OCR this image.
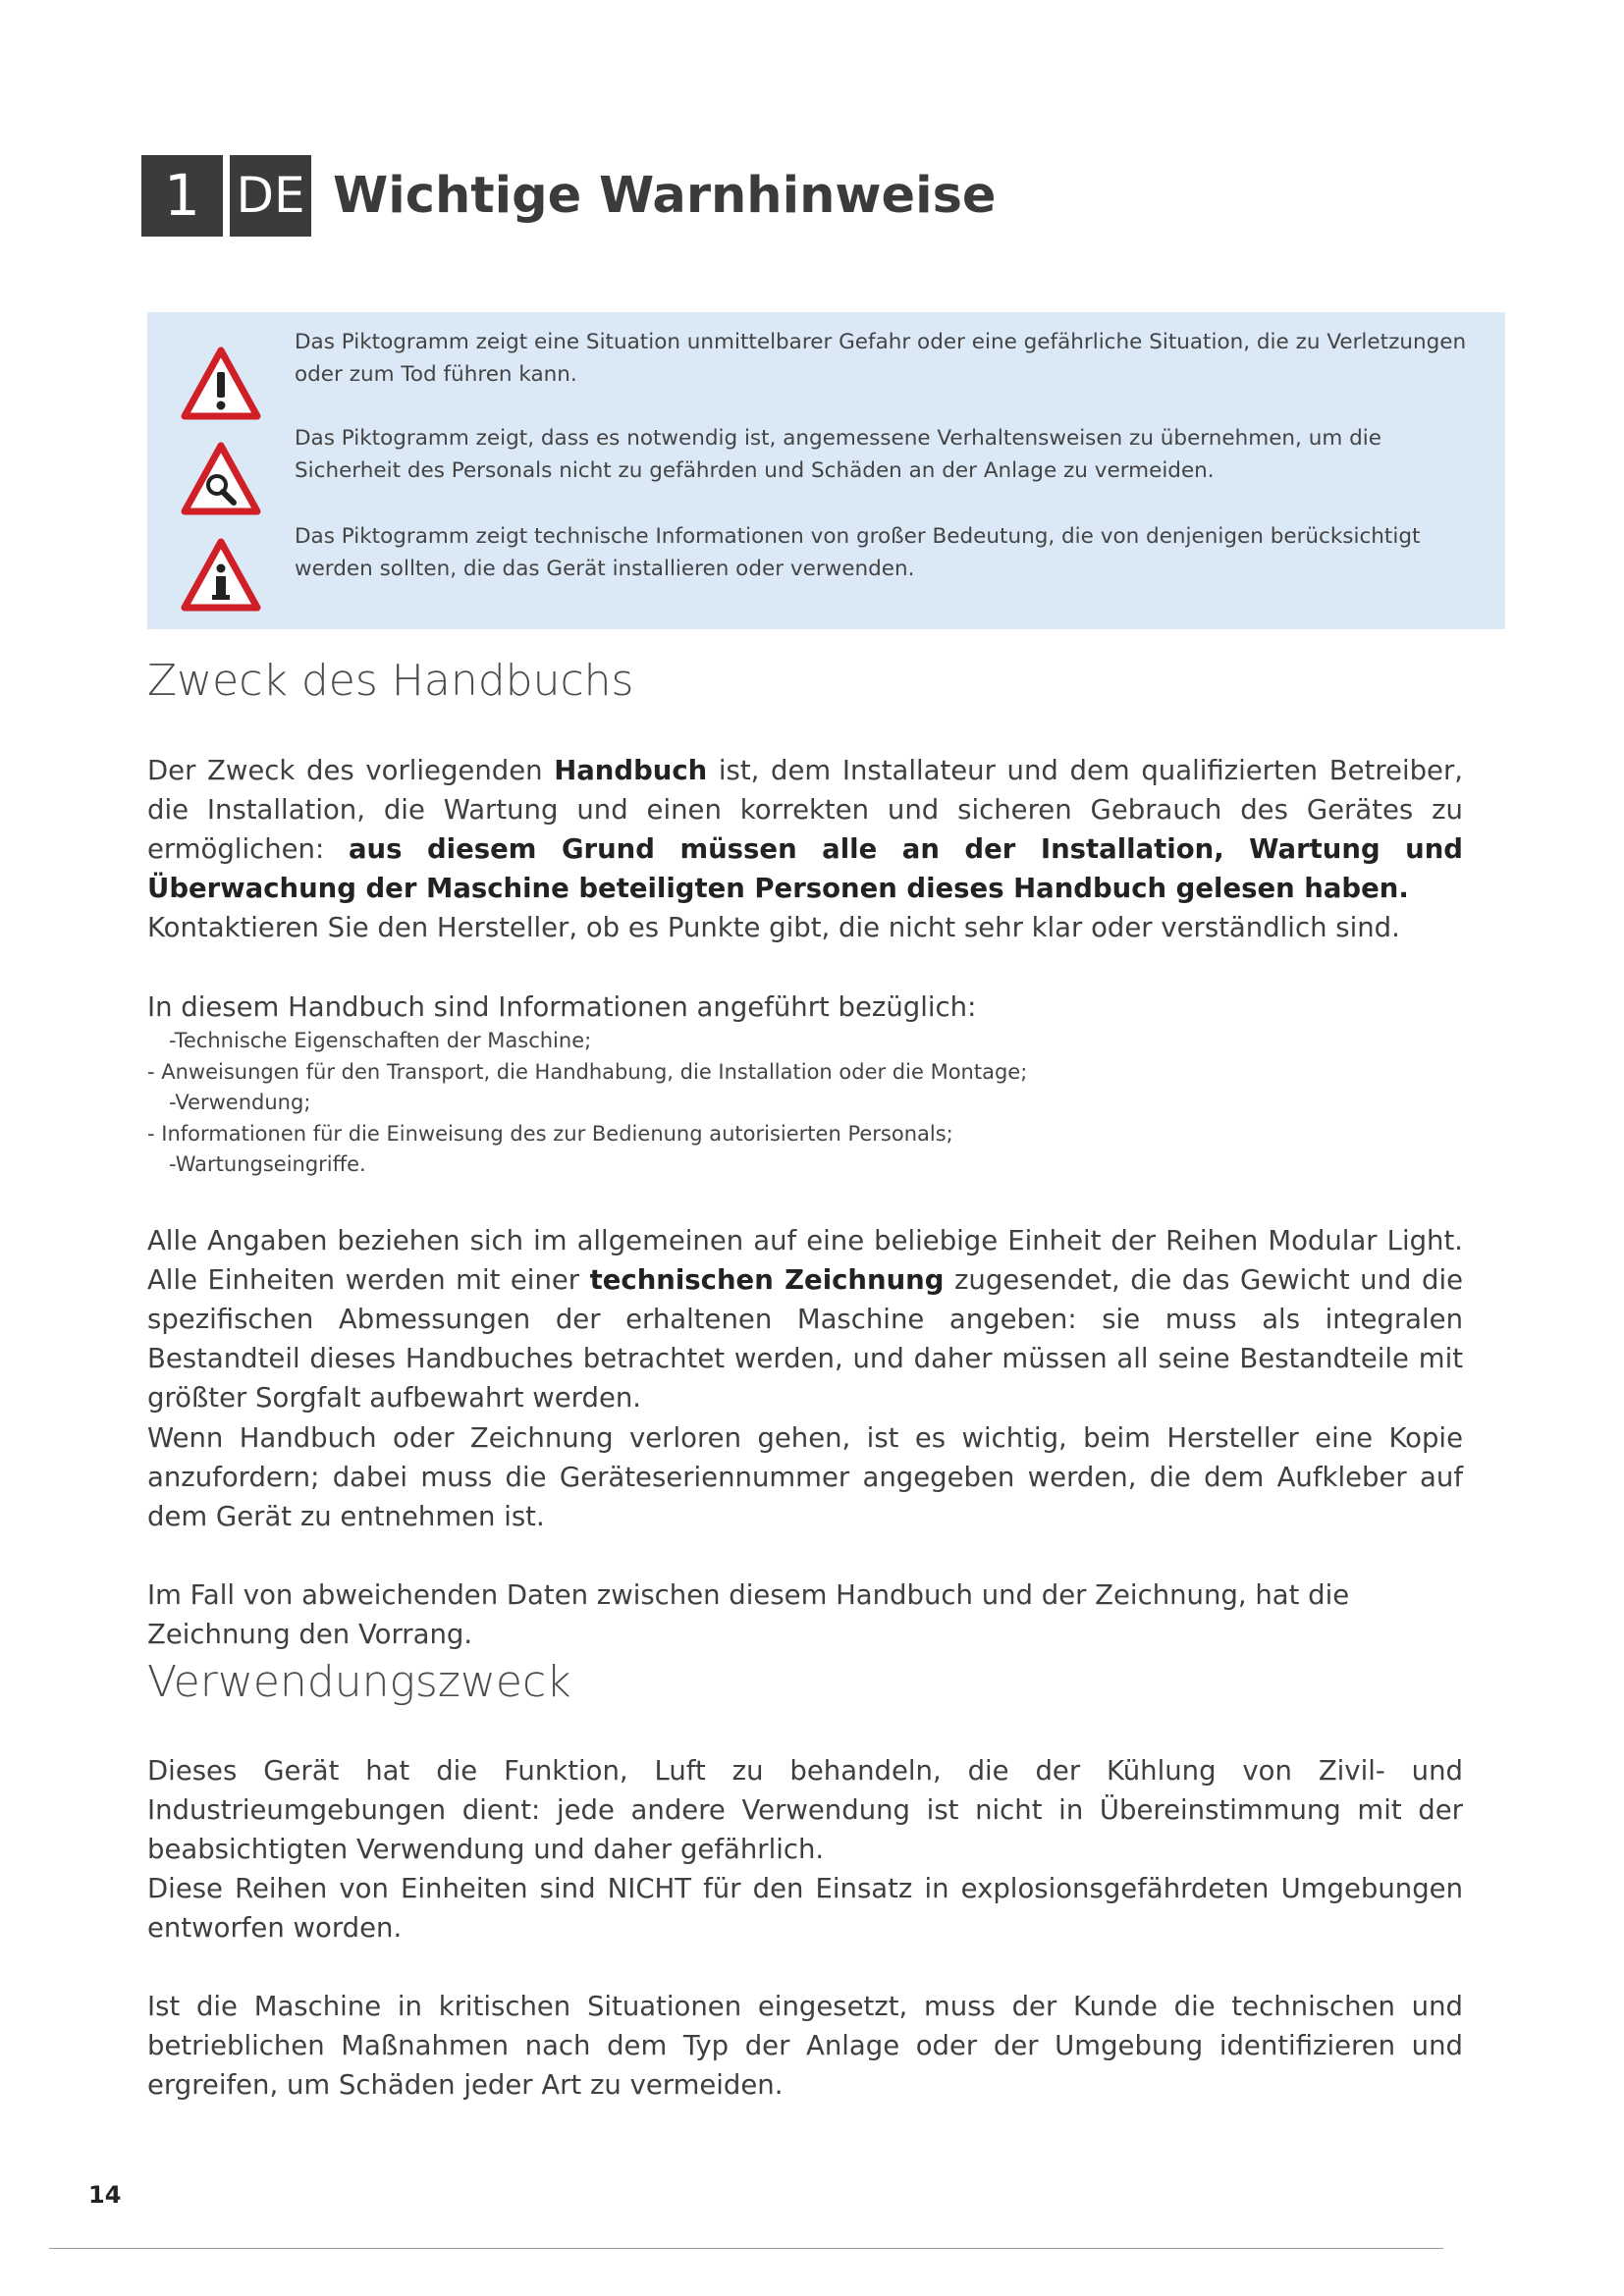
1 DE Wichtige Warnhinweise
Das Piktogramm zeigt eine Situation unmittelbarer Gefahr oder eine gefährliche Situation, die zu Verletzungen oder zum Tod führen kann.
Das Piktogramm zeigt, dass es notwendig ist, angemessene Verhaltensweisen zu übernehmen, um die Sicherheit des Personals nicht zu gefährden und Schäden an der Anlage zu vermeiden.
Das Piktogramm zeigt technische Informationen von großer Bedeutung, die von denjenigen berücksichtigt werden sollten, die das Gerät installieren oder verwenden.
Zweck des Handbuchs

Der Zweck des vorliegenden Handbuch ist, dem Installateur und dem qualifizierten Betreiber, die Installation, die Wartung und einen korrekten und sicheren Gebrauch des Gerätes zu ermöglichen: aus diesem Grund müssen alle an der Installation, Wartung und Überwachung der Maschine beteiligten Personen dieses Handbuch gelesen haben.
Kontaktieren Sie den Hersteller, ob es Punkte gibt, die nicht sehr klar oder verständlich sind.

In diesem Handbuch sind Informationen angeführt bezüglich:

-Technische Eigenschaften der Maschine;
- Anweisungen für den Transport, die Handhabung, die Installation oder die Montage;
-Verwendung;
- Informationen für die Einweisung des zur Bedienung autorisierten Personals;
-Wartungseingriffe.

Alle Angaben beziehen sich im allgemeinen auf eine beliebige Einheit der Reihen Modular Light. Alle Einheiten werden mit einer technischen Zeichnung zugesendet, die das Gewicht und die spezifischen Abmessungen der erhaltenen Maschine angeben: sie muss als integralen Bestandteil dieses Handbuches betrachtet werden, und daher müssen all seine Bestandteile mit größter Sorgfalt aufbewahrt werden.

Wenn Handbuch oder Zeichnung verloren gehen, ist es wichtig, beim Hersteller eine Kopie anzufordern; dabei muss die Geräteseriennummer angegeben werden, die dem Aufkleber auf dem Gerät zu entnehmen ist.

Im Fall von abweichenden Daten zwischen diesem Handbuch und der Zeichnung, hat die Zeichnung den Vorrang.

Verwendungszweck

Dieses Gerät hat die Funktion, Luft zu behandeln, die der Kühlung von Zivil- und Industrieumgebungen dient: jede andere Verwendung ist nicht in Übereinstimmung mit der beabsichtigten Verwendung und daher gefährlich.

Diese Reihen von Einheiten sind NICHT für den Einsatz in explosionsgefährdeten Umgebungen entworfen worden.

Ist die Maschine in kritischen Situationen eingesetzt, muss der Kunde die technischen und betrieblichen Maßnahmen nach dem Typ der Anlage oder der Umgebung identifizieren und ergreifen, um Schäden jeder Art zu vermeiden.

14
